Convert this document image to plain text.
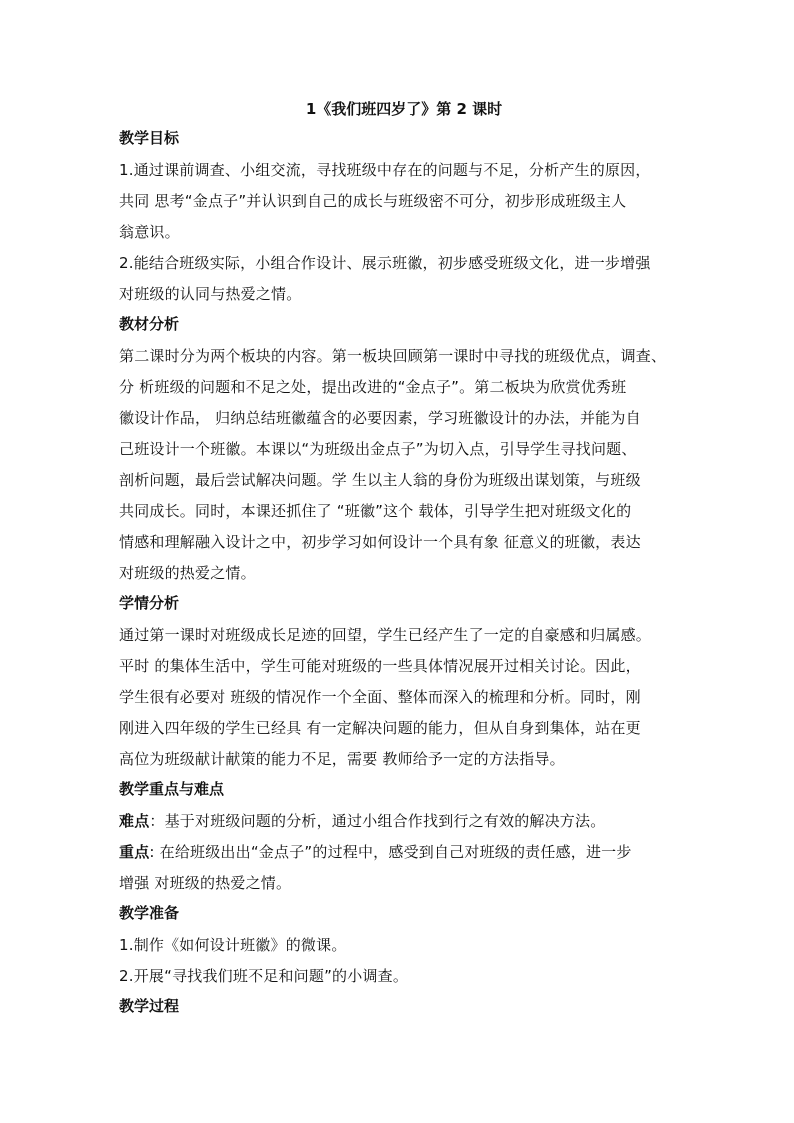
1《我们班四岁了》第 2 课时
教学目标

1.通过课前调查、小组交流，寻找班级中存在的问题与不足，分析产生的原因，
共同 思考“金点子”并认识到自己的成长与班级密不可分，初步形成班级主人
翁意识。

2.能结合班级实际，小组合作设计、展示班徽，初步感受班级文化，进一步增强
对班级的认同与热爱之情。

教材分析

第二课时分为两个板块的内容。第一板块回顾第一课时中寻找的班级优点，调查、
分 析班级的问题和不足之处，提出改进的“金点子”。第二板块为欣赏优秀班
徽设计作品， 归纳总结班徽蕴含的必要因素，学习班徽设计的办法，并能为自
己班设计一个班徽。本课以“为班级出金点子”为切入点，引导学生寻找问题、
剖析问题，最后尝试解决问题。学 生以主人翁的身份为班级出谋划策，与班级
共同成长。同时，本课还抓住了 “班徽”这个 载体，引导学生把对班级文化的
情感和理解融入设计之中，初步学习如何设计一个具有象 征意义的班徽，表达
对班级的热爱之情。

学情分析

通过第一课时对班级成长足迹的回望，学生已经产生了一定的自豪感和归属感。
平时 的集体生活中，学生可能对班级的一些具体情况展开过相关讨论。因此，
学生很有必要对 班级的情况作一个全面、整体而深入的梳理和分析。同时，刚
刚进入四年级的学生已经具 有一定解决问题的能力，但从自身到集体，站在更
高位为班级献计献策的能力不足，需要 教师给予一定的方法指导。

教学重点与难点

难点：基于对班级问题的分析，通过小组合作找到行之有效的解决方法。

重点: 在给班级出出“金点子”的过程中，感受到自己对班级的责任感，进一步
增强 对班级的热爱之情。

教学准备

1.制作《如何设计班徽》的微课。
2.开展“寻找我们班不足和问题”的小调查。

教学过程
